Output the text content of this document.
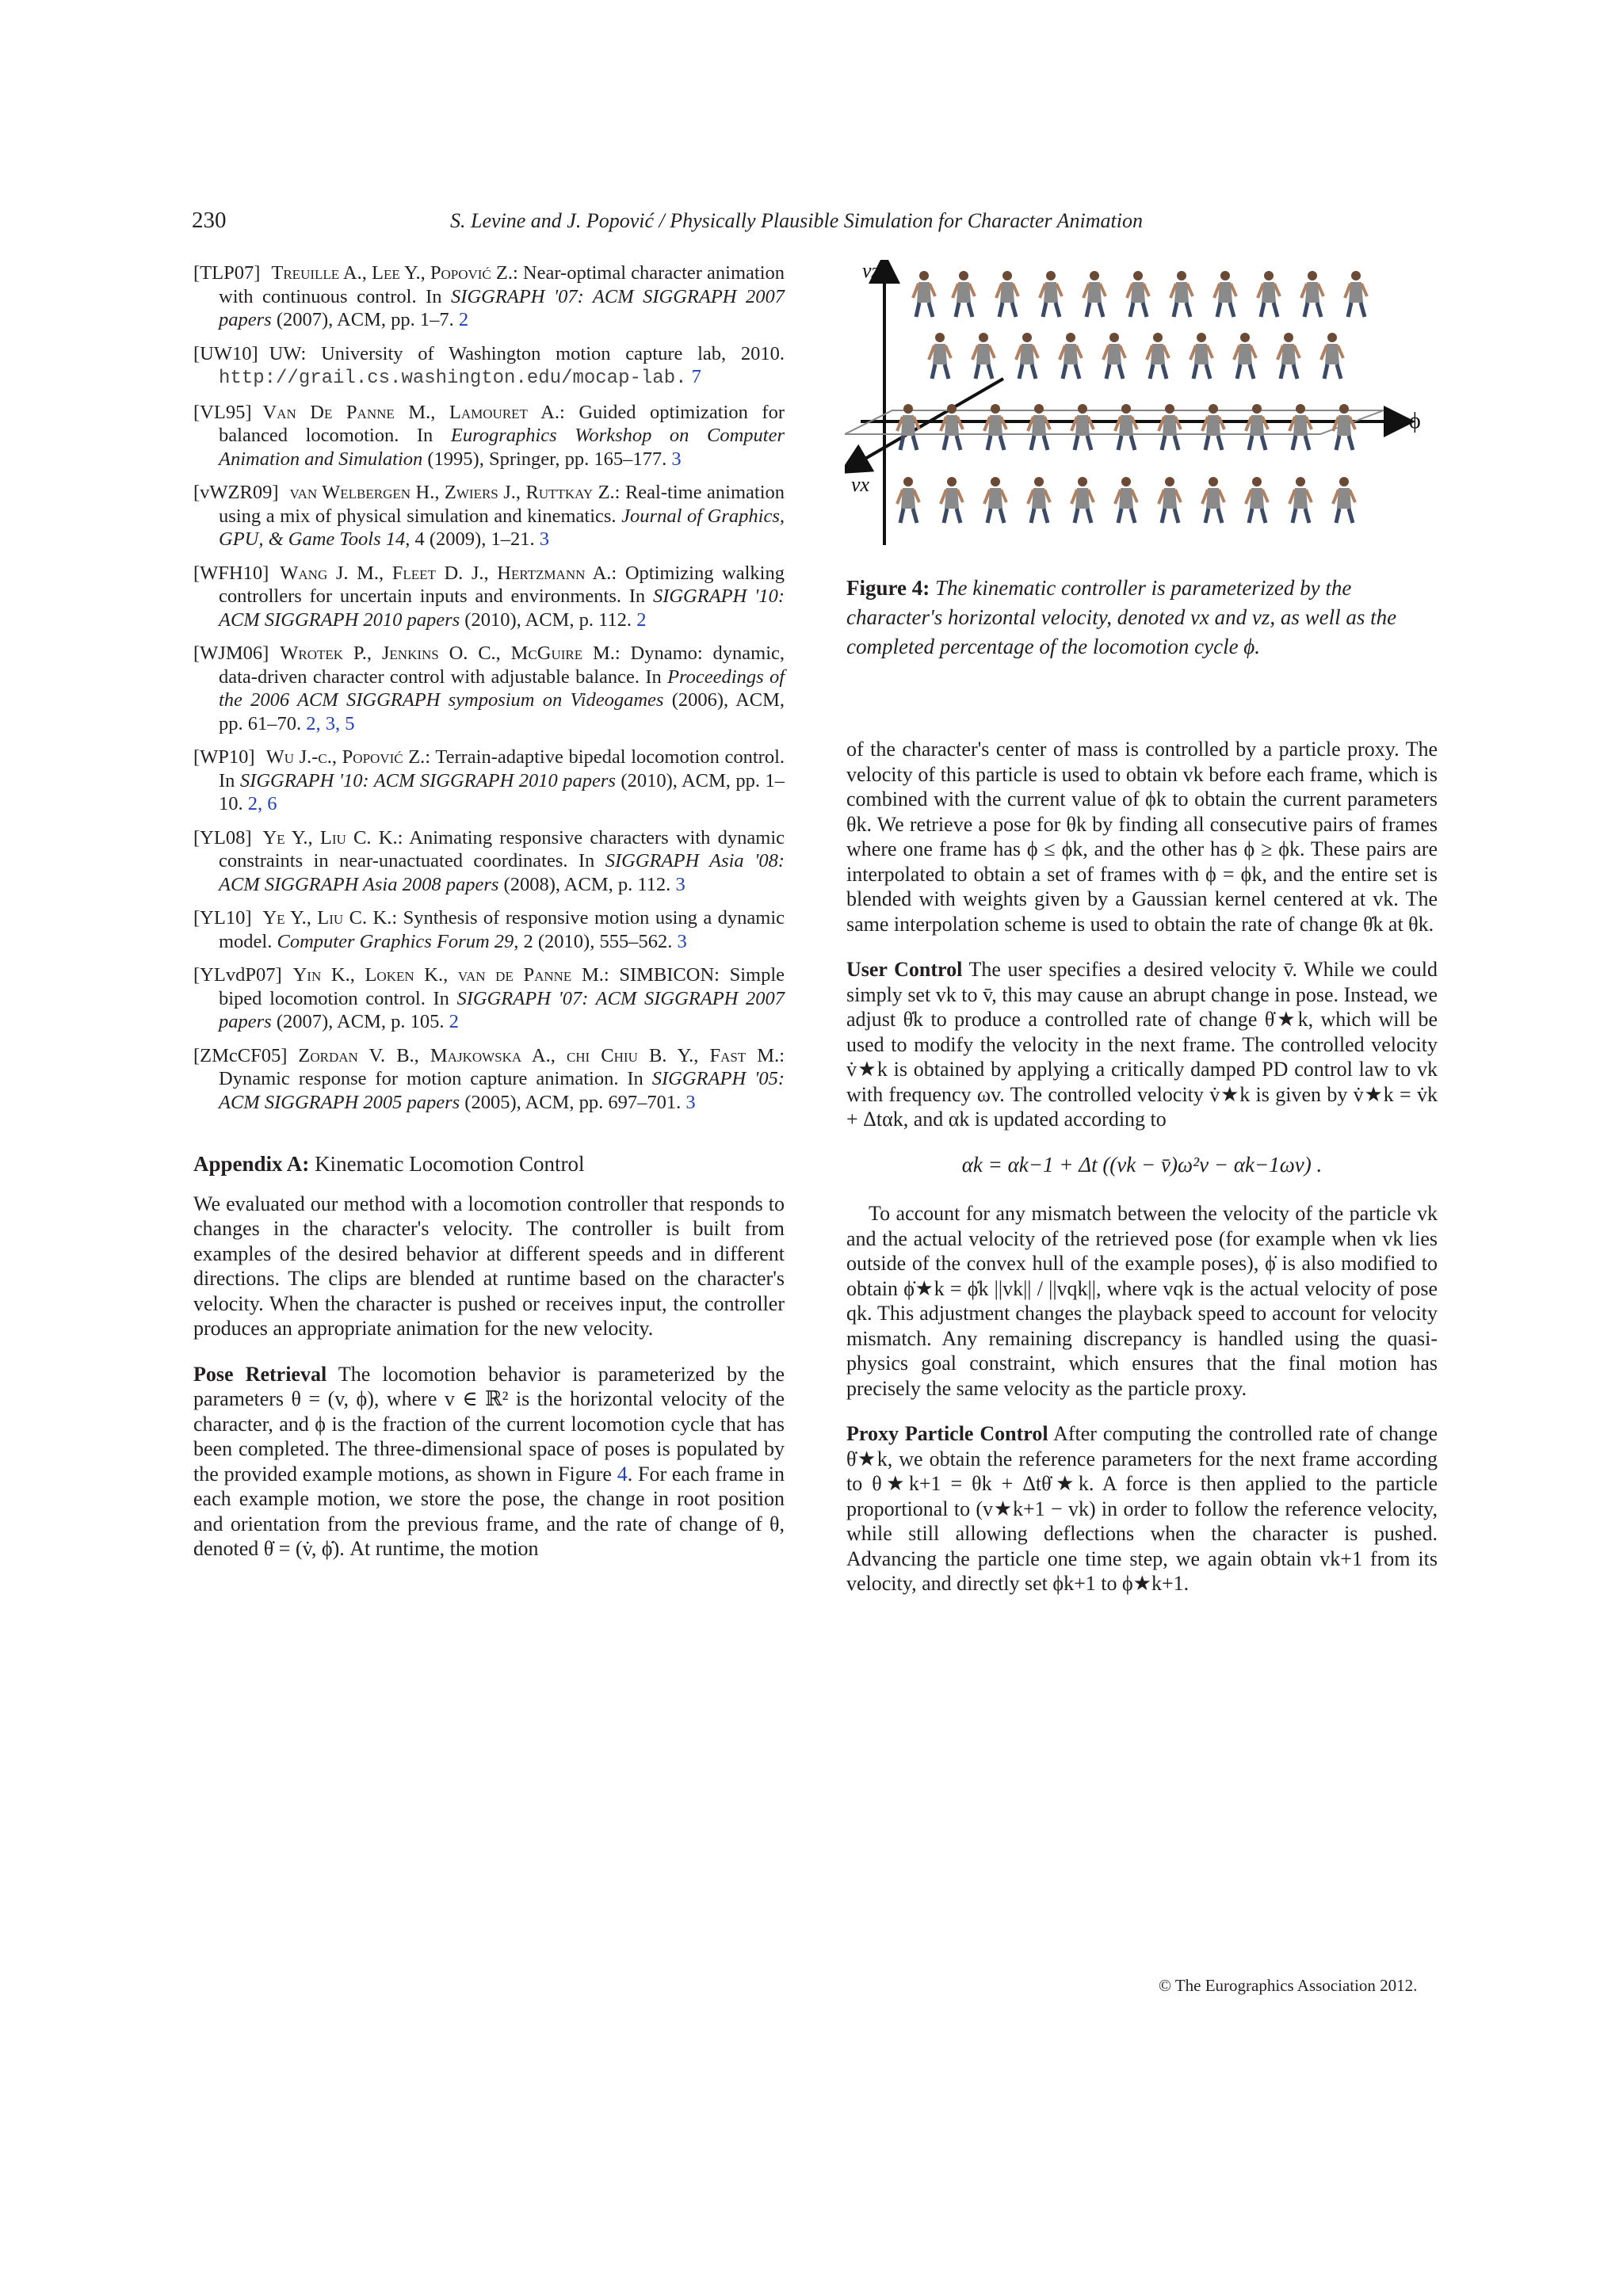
230	S. Levine and J. Popović / Physically Plausible Simulation for Character Animation
[TLP07] Treuille A., Lee Y., Popović Z.: Near-optimal character animation with continuous control. In SIGGRAPH '07: ACM SIGGRAPH 2007 papers (2007), ACM, pp. 1–7. 2
[UW10] UW: University of Washington motion capture lab, 2010. http://grail.cs.washington.edu/mocap-lab. 7
[VL95] Van De Panne M., Lamouret A.: Guided optimization for balanced locomotion. In Eurographics Workshop on Computer Animation and Simulation (1995), Springer, pp. 165–177. 3
[vWZR09] van Welbergen H., Zwiers J., Ruttkay Z.: Real-time animation using a mix of physical simulation and kinematics. Journal of Graphics, GPU, & Game Tools 14, 4 (2009), 1–21. 3
[WFH10] Wang J. M., Fleet D. J., Hertzmann A.: Optimizing walking controllers for uncertain inputs and environments. In SIGGRAPH '10: ACM SIGGRAPH 2010 papers (2010), ACM, p. 112. 2
[WJM06] Wrotek P., Jenkins O. C., McGuire M.: Dynamo: dynamic, data-driven character control with adjustable balance. In Proceedings of the 2006 ACM SIGGRAPH symposium on Videogames (2006), ACM, pp. 61–70. 2, 3, 5
[WP10] Wu J.-c., Popović Z.: Terrain-adaptive bipedal locomotion control. In SIGGRAPH '10: ACM SIGGRAPH 2010 papers (2010), ACM, pp. 1–10. 2, 6
[YL08] Ye Y., Liu C. K.: Animating responsive characters with dynamic constraints in near-unactuated coordinates. In SIGGRAPH Asia '08: ACM SIGGRAPH Asia 2008 papers (2008), ACM, p. 112. 3
[YL10] Ye Y., Liu C. K.: Synthesis of responsive motion using a dynamic model. Computer Graphics Forum 29, 2 (2010), 555–562. 3
[YLvdP07] Yin K., Loken K., van de Panne M.: SIMBICON: Simple biped locomotion control. In SIGGRAPH '07: ACM SIGGRAPH 2007 papers (2007), ACM, p. 105. 2
[ZMcCF05] Zordan V. B., Majkowska A., chi Chiu B. Y., Fast M.: Dynamic response for motion capture animation. In SIGGRAPH '05: ACM SIGGRAPH 2005 papers (2005), ACM, pp. 697–701. 3
Appendix A: Kinematic Locomotion Control

We evaluated our method with a locomotion controller that responds to changes in the character's velocity. The controller is built from examples of the desired behavior at different speeds and in different directions. The clips are blended at runtime based on the character's velocity. When the character is pushed or receives input, the controller produces an appropriate animation for the new velocity.

Pose Retrieval The locomotion behavior is parameterized by the parameters θ = (v, ϕ), where v ∈ ℝ² is the horizontal velocity of the character, and ϕ is the fraction of the current locomotion cycle that has been completed. The three-dimensional space of poses is populated by the provided example motions, as shown in Figure 4. For each frame in each example motion, we store the pose, the change in root position and orientation from the previous frame, and the rate of change of θ, denoted θ̇ = (v̇, ϕ̇). At runtime, the motion

vz
vx
ϕ
Figure 4: The kinematic controller is parameterized by the character's horizontal velocity, denoted vx and vz, as well as the completed percentage of the locomotion cycle ϕ.

of the character's center of mass is controlled by a particle proxy. The velocity of this particle is used to obtain vk before each frame, which is combined with the current value of ϕk to obtain the current parameters θk. We retrieve a pose for θk by finding all consecutive pairs of frames where one frame has ϕ ≤ ϕk, and the other has ϕ ≥ ϕk. These pairs are interpolated to obtain a set of frames with ϕ = ϕk, and the entire set is blended with weights given by a Gaussian kernel centered at vk. The same interpolation scheme is used to obtain the rate of change θ̇k at θk.

User Control The user specifies a desired velocity v̄. While we could simply set vk to v̄, this may cause an abrupt change in pose. Instead, we adjust θ̇k to produce a controlled rate of change θ̇★k, which will be used to modify the velocity in the next frame. The controlled velocity v̇★k is obtained by applying a critically damped PD control law to vk with frequency ωv. The controlled velocity v̇★k is given by v̇★k = v̇k + Δtαk, and αk is updated according to

αk = αk−1 + Δt ((vk − v̄)ω²v − αk−1ωv) .

To account for any mismatch between the velocity of the particle vk and the actual velocity of the retrieved pose (for example when vk lies outside of the convex hull of the example poses), ϕ̇ is also modified to obtain ϕ̇★k = ϕ̇k ||vk|| / ||vqk||, where vqk is the actual velocity of pose qk. This adjustment changes the playback speed to account for velocity mismatch. Any remaining discrepancy is handled using the quasi-physics goal constraint, which ensures that the final motion has precisely the same velocity as the particle proxy.

Proxy Particle Control After computing the controlled rate of change θ̇★k, we obtain the reference parameters for the next frame according to θ★k+1 = θk + Δtθ̇★k. A force is then applied to the particle proportional to (v★k+1 − vk) in order to follow the reference velocity, while still allowing deflections when the character is pushed. Advancing the particle one time step, we again obtain vk+1 from its velocity, and directly set ϕk+1 to ϕ★k+1.

© The Eurographics Association 2012.
